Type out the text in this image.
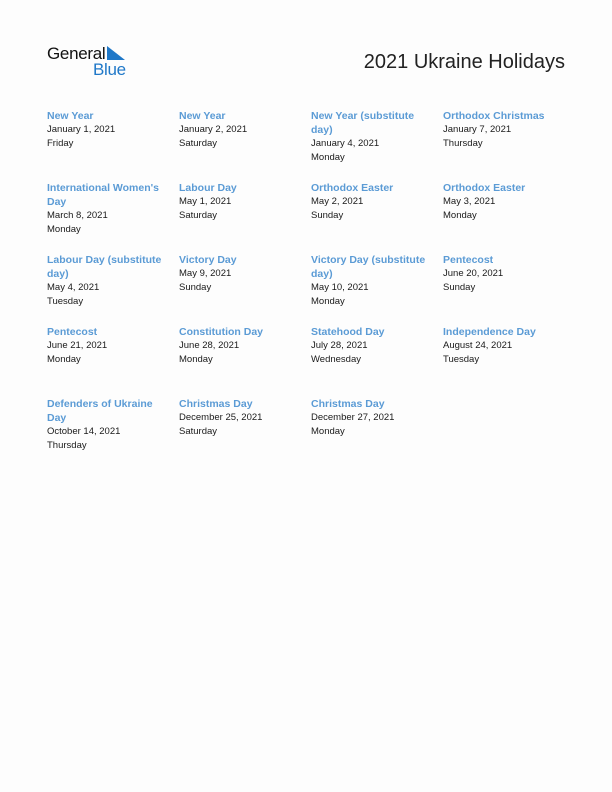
General
Blue	2021 Ukraine Holidays
New Year
January 1, 2021
Friday
New Year
January 2, 2021
Saturday
New Year (substitute day)
January 4, 2021
Monday
Orthodox Christmas
January 7, 2021
Thursday
International Women's Day
March 8, 2021
Monday
Labour Day
May 1, 2021
Saturday
Orthodox Easter
May 2, 2021
Sunday
Orthodox Easter
May 3, 2021
Monday
Labour Day (substitute day)
May 4, 2021
Tuesday
Victory Day
May 9, 2021
Sunday
Victory Day (substitute day)
May 10, 2021
Monday
Pentecost
June 20, 2021
Sunday
Pentecost
June 21, 2021
Monday
Constitution Day
June 28, 2021
Monday
Statehood Day
July 28, 2021
Wednesday
Independence Day
August 24, 2021
Tuesday
Defenders of Ukraine Day
October 14, 2021
Thursday
Christmas Day
December 25, 2021
Saturday
Christmas Day
December 27, 2021
Monday
